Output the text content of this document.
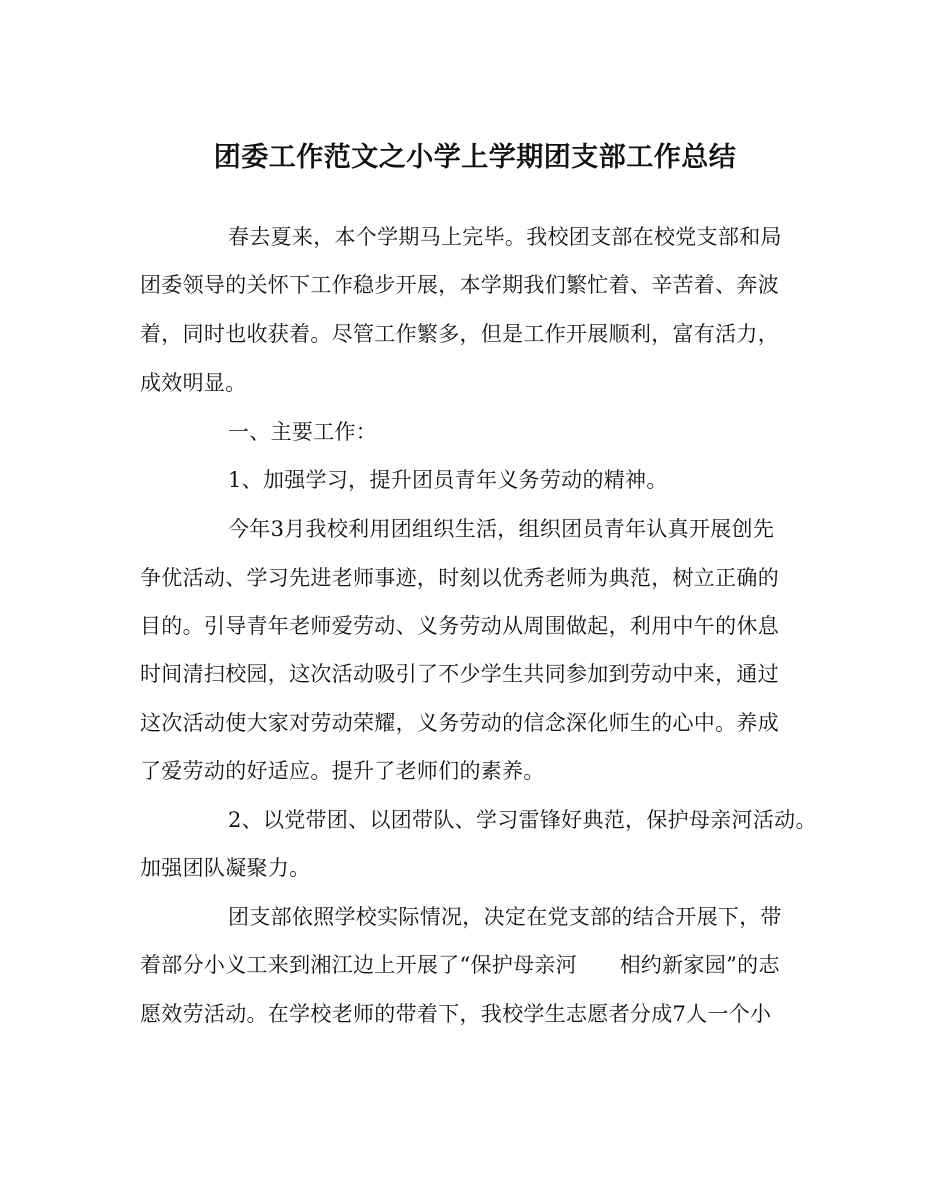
团委工作范文之小学上学期团支部工作总结
春去夏来，本个学期马上完毕。我校团支部在校党支部和局
团委领导的关怀下工作稳步开展，本学期我们繁忙着、辛苦着、奔波
着，同时也收获着。尽管工作繁多，但是工作开展顺利，富有活力，
成效明显。
一、主要工作：
1、加强学习，提升团员青年义务劳动的精神。
今年3月我校利用团组织生活，组织团员青年认真开展创先
争优活动、学习先进老师事迹，时刻以优秀老师为典范，树立正确的
目的。引导青年老师爱劳动、义务劳动从周围做起，利用中午的休息
时间清扫校园，这次活动吸引了不少学生共同参加到劳动中来，通过
这次活动使大家对劳动荣耀，义务劳动的信念深化师生的心中。养成
了爱劳动的好适应。提升了老师们的素养。
2、以党带团、以团带队、学习雷锋好典范，保护母亲河活动。
加强团队凝聚力。
团支部依照学校实际情况，决定在党支部的结合开展下，带
着部分小义工来到湘江边上开展了“保护母亲河　　相约新家园”的志
愿效劳活动。在学校老师的带着下，我校学生志愿者分成7人一个小
